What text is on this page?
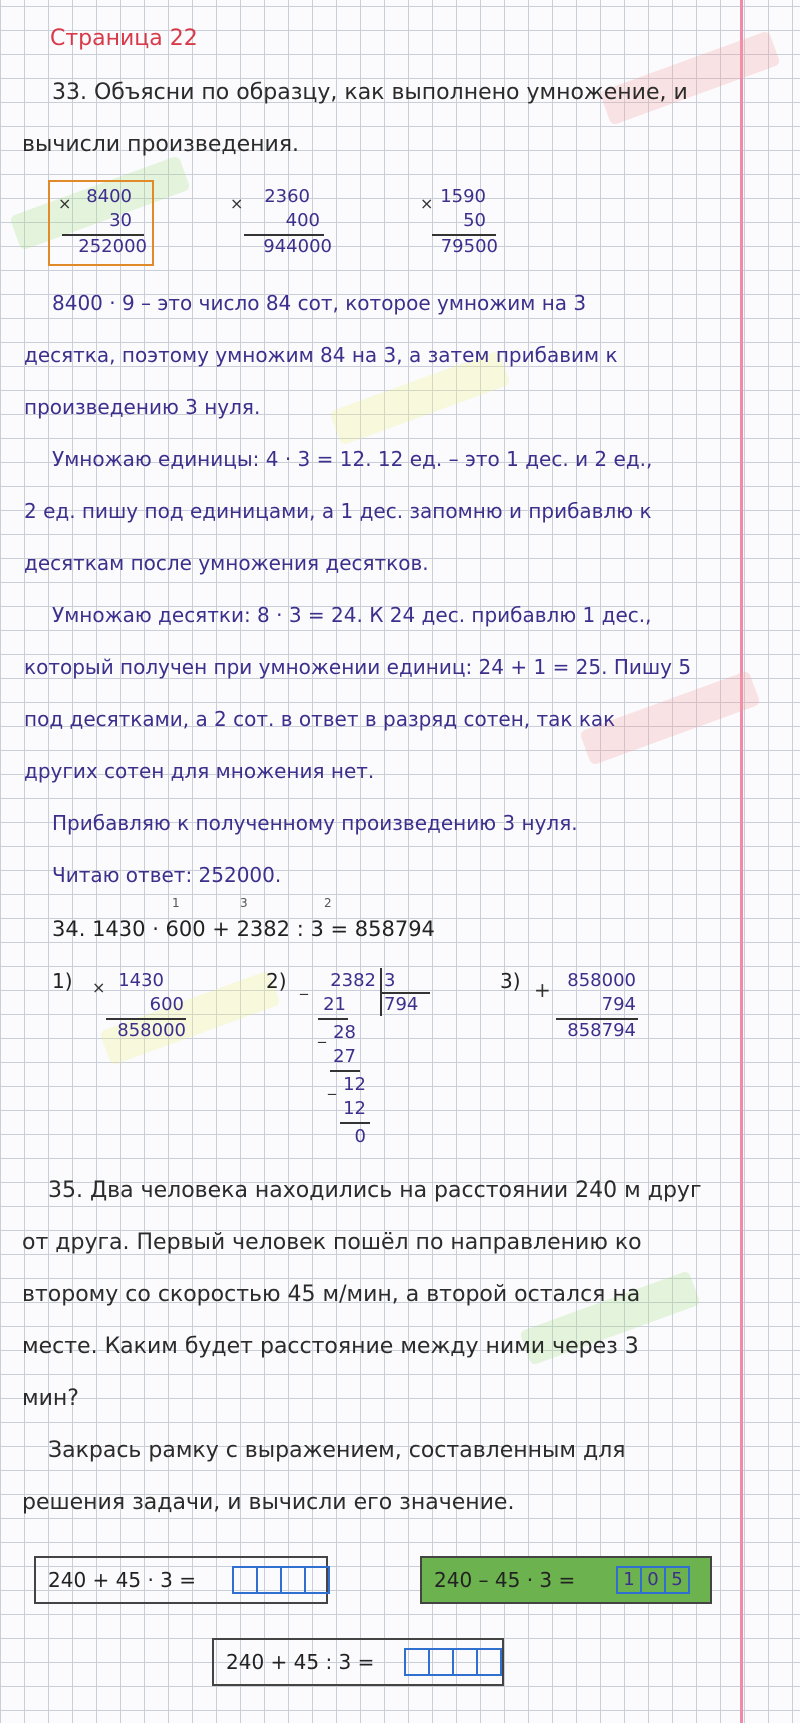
Страница 22
33. Объясни по образцу, как выполнено умножение, и
вычисли произведения.
× 8400
30
252000
×	2360
400
944000
× 1590
50
79500
8400 · 9 – это число 84 сот, которое умножим на 3
десятка, поэтому умножим 84 на 3, а затем прибавим к
произведению 3 нуля.
Умножаю единицы: 4 · 3 = 12. 12 ед. – это 1 дес. и 2 ед.,
2 ед. пишу под единицами, а 1 дес. запомню и прибавлю к
десяткам после умножения десятков.
Умножаю десятки: 8 · 3 = 24. К 24 дес. прибавлю 1 дес.,
который получен при умножении единиц: 24 + 1 = 25. Пишу 5
под десятками, а 2 сот. в ответ в разряд сотен, так как
других сотен для множения нет.
Прибавляю к полученному произведению 3 нуля.
Читаю ответ: 252000.
1	3	2
34. 1430 · 600 + 2382 : 3 = 858794
1) × 1430
600
858000
2) _	2382 3
794
21
_ 28
27
_ 12
12
0
3) + 858000
794
858794
35. Два человека находились на расстоянии 240 м друг
от друга. Первый человек пошёл по направлению ко
второму со скоростью 45 м/мин, а второй остался на
месте. Каким будет расстояние между ними через 3
мин?
Закрась рамку с выражением, составленным для
решения задачи, и вычисли его значение.
240 + 45 · 3 =	240 – 45 · 3 =	1 0 5
240 + 45 : 3 =
